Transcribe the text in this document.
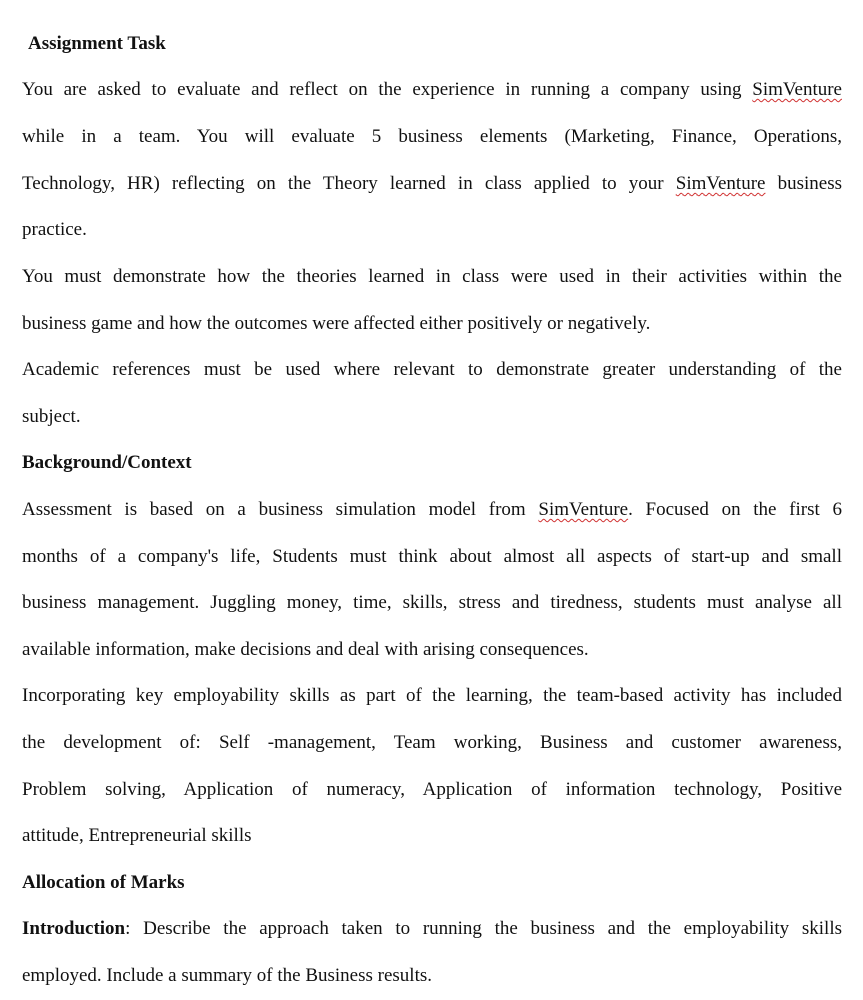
Assignment Task
You are asked to evaluate and reflect on the experience in running a company using SimVenture
while in a team. You will evaluate 5 business elements (Marketing, Finance, Operations,
Technology, HR) reflecting on the Theory learned in class applied to your SimVenture business
practice.
You must demonstrate how the theories learned in class were used in their activities within the
business game and how the outcomes were affected either positively or negatively.
Academic references must be used where relevant to demonstrate greater understanding of the
subject.
Background/Context
Assessment is based on a business simulation model from SimVenture. Focused on the first 6
months of a company's life, Students must think about almost all aspects of start-up and small
business management. Juggling money, time, skills, stress and tiredness, students must analyse all
available information, make decisions and deal with arising consequences.
Incorporating key employability skills as part of the learning, the team-based activity has included
the development of: Self -management, Team working, Business and customer awareness,
Problem solving, Application of numeracy, Application of information technology, Positive
attitude, Entrepreneurial skills
Allocation of Marks
Introduction: Describe the approach taken to running the business and the employability skills
employed. Include a summary of the Business results.
